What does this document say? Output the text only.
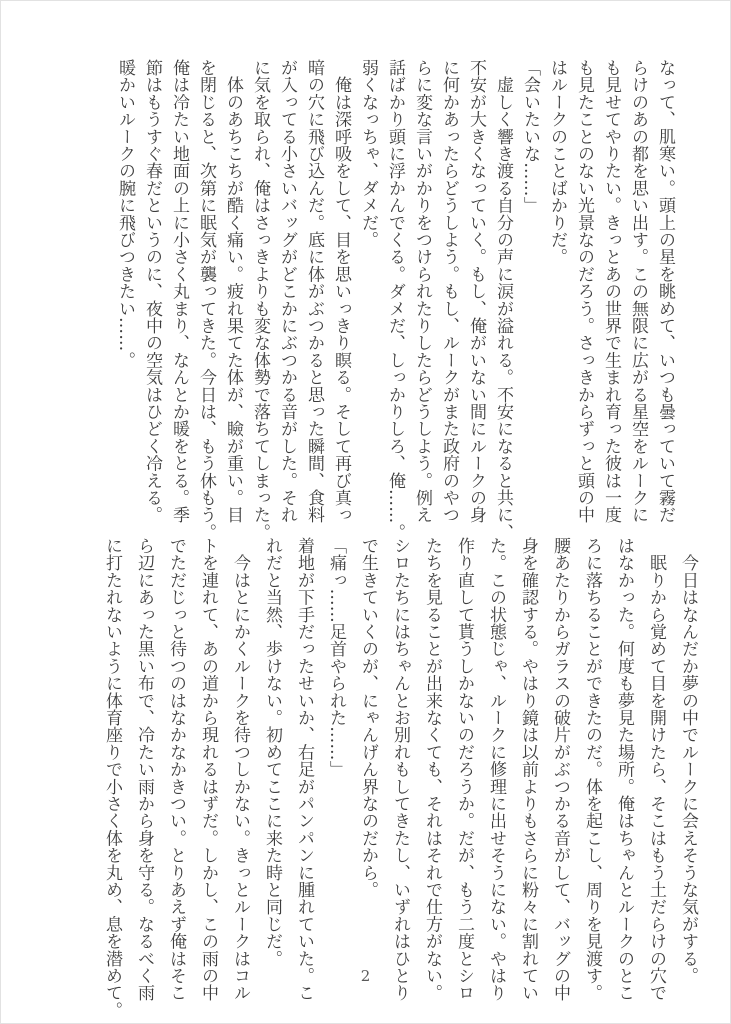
なって、肌寒い。頭上の星を眺めて、いつも曇っていて霧だ
らけのあの都を思い出す。この無限に広がる星空をルークに
も見せてやりたい。きっとあの世界で生まれ育った彼は一度
も見たことのない光景なのだろう。さっきからずっと頭の中
はルークのことばかりだ。
「会いたいな……」
　虚しく響き渡る自分の声に涙が溢れる。不安になると共に、
不安が大きくなっていく。もし、俺がいない間にルークの身
に何かあったらどうしよう。もし、ルークがまた政府のやつ
らに変な言いがかりをつけられたりしたらどうしよう。例え
話ばかり頭に浮かんでくる。ダメだ、しっかりしろ、俺……。
弱くなっちゃ、ダメだ。
　俺は深呼吸をして、目を思いっきり瞑る。そして再び真っ
暗の穴に飛び込んだ。底に体がぶつかると思った瞬間、食料
が入ってる小さいバッグがどこかにぶつかる音がした。それ
に気を取られ、俺はさっきよりも変な体勢で落ちてしまった。
　体のあちこちが酷く痛い。疲れ果てた体が、瞼が重い。目
を閉じると、次第に眠気が襲ってきた。今日は、もう休もう。
俺は冷たい地面の上に小さく丸まり、なんとか暖をとる。季
節はもうすぐ春だというのに、夜中の空気はひどく冷える。
暖かいルークの腕に飛びつきたい……。
　今日はなんだか夢の中でルークに会えそうな気がする。
　眠りから覚めて目を開けたら、そこはもう土だらけの穴で
はなかった。何度も夢見た場所。俺はちゃんとルークのとこ
ろに落ちることができたのだ。体を起こし、周りを見渡す。
腰あたりからガラスの破片がぶつかる音がして、バッグの中
身を確認する。やはり鏡は以前よりもさらに粉々に割れてい
た。この状態じゃ、ルークに修理に出せそうにない。やはり
作り直して貰うしかないのだろうか。だが、もう二度とシロ
たちを見ることが出来なくても、それはそれで仕方がない。
シロたちにはちゃんとお別れもしてきたし、いずれはひとり
で生きていくのが、にゃんげん界なのだから。
「痛っ……足首やられた……」
着地が下手だったせいか、右足がパンパンに腫れていた。こ
れだと当然、歩けない。初めてここに来た時と同じだ。
　今はとにかくルークを待つしかない。きっとルークはコル
トを連れて、あの道から現れるはずだ。しかし、この雨の中
でただじっと待つのはなかなかきつい。とりあえず俺はそこ
ら辺にあった黒い布で、冷たい雨から身を守る。なるべく雨
に打たれないように体育座りで小さく体を丸め、息を潜めて。	2
